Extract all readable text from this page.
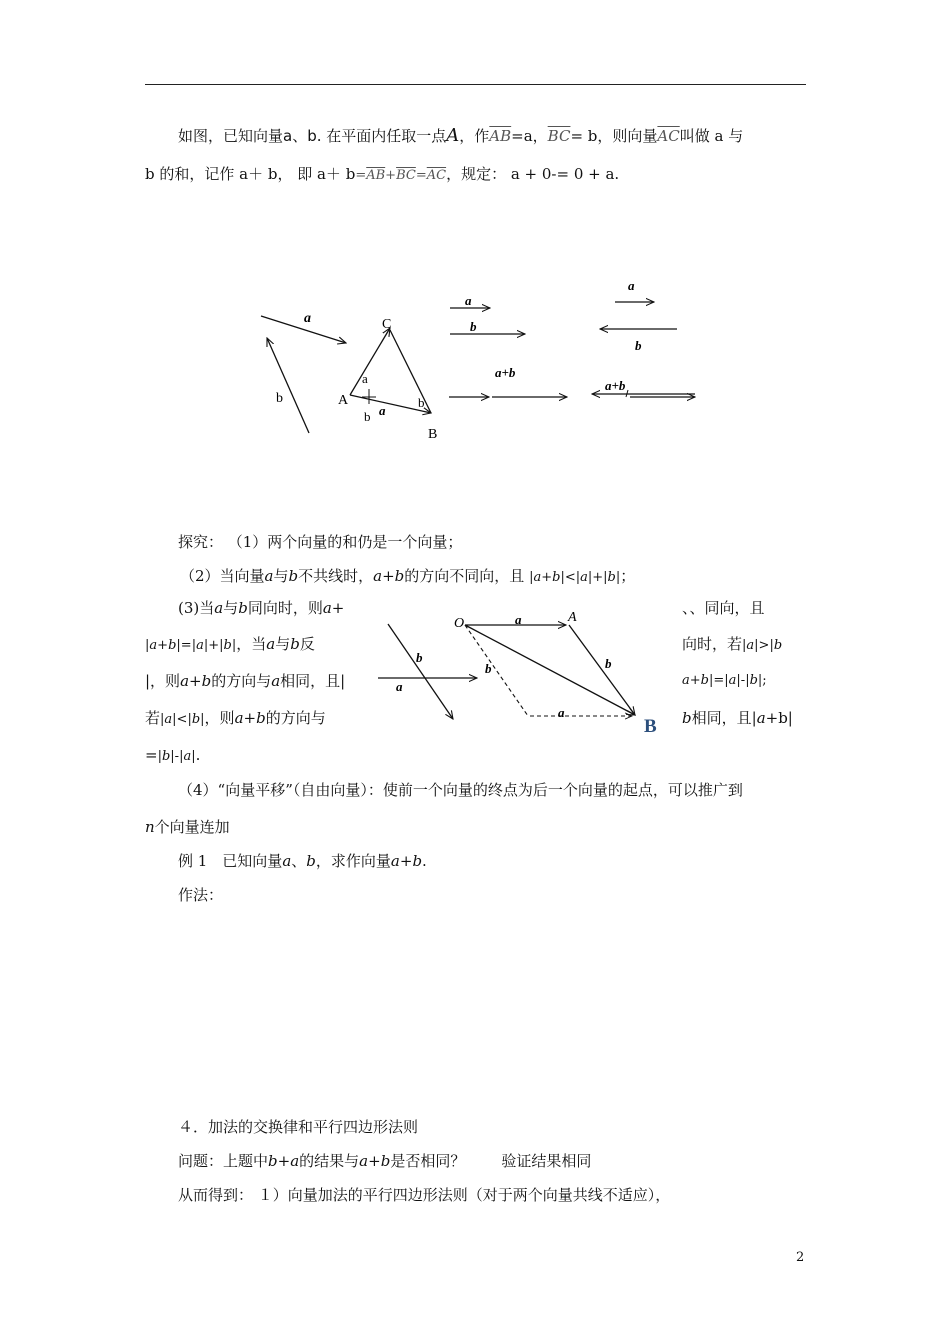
如图，已知向量a、b. 在平面内任取一点A，作$\overline{AB}=a$，$\overline{BC}= b$，则向量$\overline{AC}$叫做 a 与
b 的和，记作 a＋ b， 即 $a+ b=\overline{AB}+\overline{BC}=\overline{AC}$，规定： a + 0-= 0 + a.
a
b
C
A
B
a
b a
b
a
b
a+b
a
b
a+b
探究： （1）两个向量的和仍是一个向量；
（2）当向量a与b不共线时，a+b的方向不同向，且 |a+b|<|a|+|b|；
(3)当a与b同向时，则a+
|a+b|=|a|+|b|，当a与b反
|，则a+b的方向与a相同，且|
若|a|<|b|，则a+b的方向与
=|b|-|a|.
、、同向，且
向时，若|a|>|b
a+b|=|a|-|b|;
b相同，且|a+b|
b
a
O	A
B
a
b
b
a
（4）“向量平移”（自由向量）：使前一个向量的终点为后一个向量的起点，可以推广到
n个向量连加
例 1　已知向量a、b，求作向量a+b.
作法：
４．加法的交换律和平行四边形法则
问题：上题中b+a的结果与a+b是否相同？ 验证结果相同
从而得到： １）向量加法的平行四边形法则（对于两个向量共线不适应），
2
